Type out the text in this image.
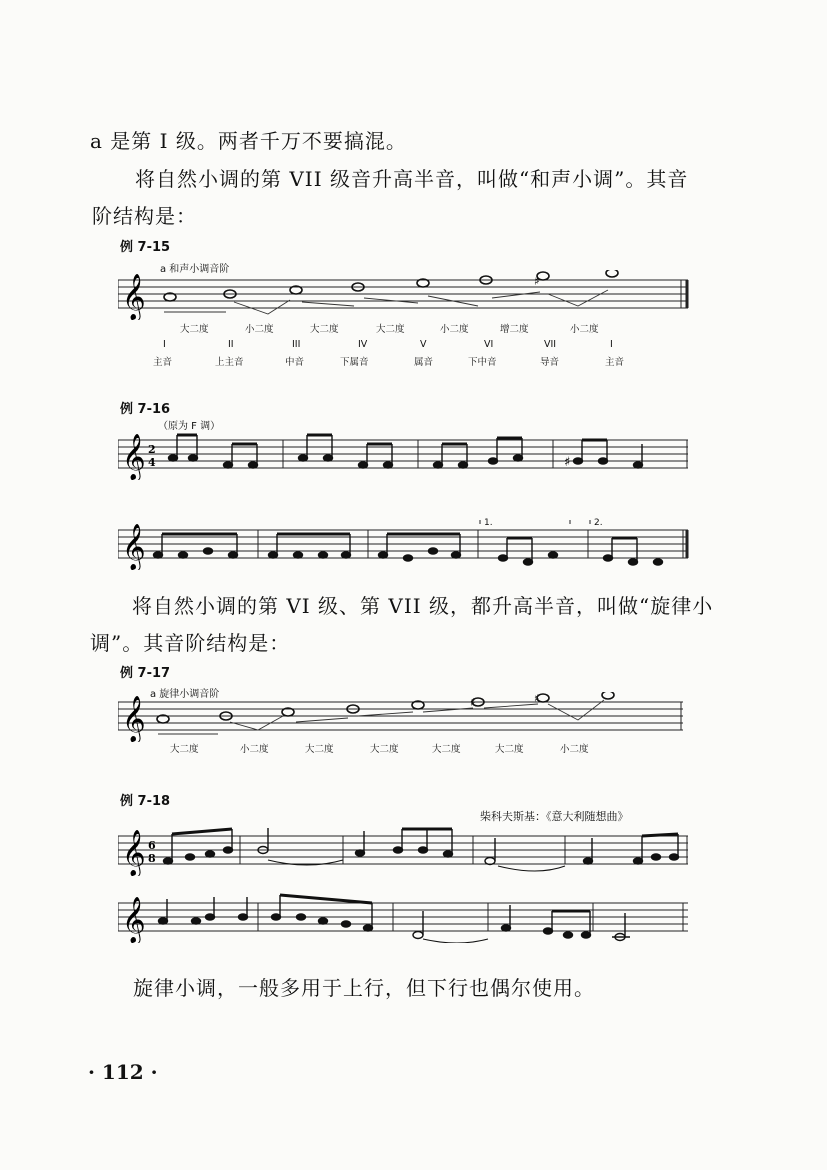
a 是第 I 级。两者千万不要搞混。
将自然小调的第 VII 级音升高半音，叫做“和声小调”。其音
阶结构是：
例 7-15
a 和声小调音阶
𝄞	♯
大二度	小二度	大二度	大二度	小二度	增二度	小二度
I	II	III	IV	V	VI	VII	I
主音	上主音	中音	下属音	属音	下中音	导音	主音
例 7-16
（原为 F 调）
𝄞 2
4	♯
𝄞
1.	2.
将自然小调的第 VI 级、第 VII 级，都升高半音，叫做“旋律小
调”。其音阶结构是：
例 7-17
a 旋律小调音阶
𝄞	♯	♯
大二度	小二度	大二度	大二度	大二度	大二度	小二度
例 7-18
柴科夫斯基：《意大利随想曲》
𝄞 6
8
𝄞
旋律小调，一般多用于上行，但下行也偶尔使用。
· 112 ·
